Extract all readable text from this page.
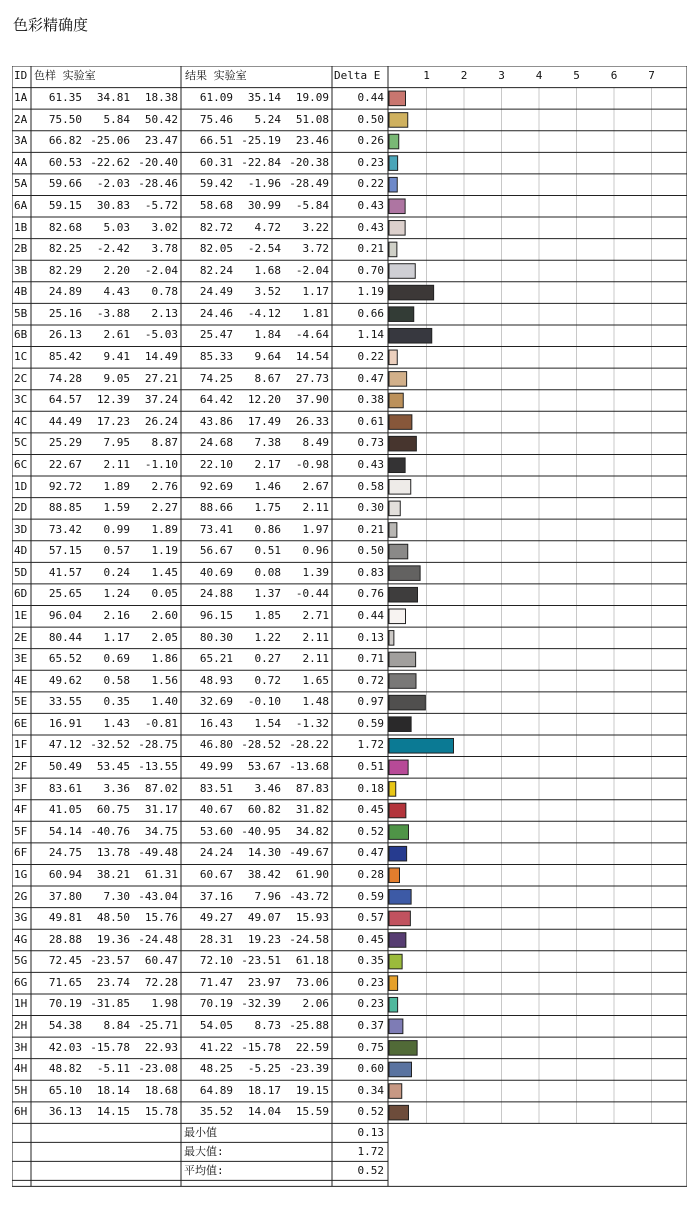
色彩精确度
ID 色样 实验室	结果 实验室	Delta E
1A	61.35	34.81	18.38	61.09	35.14	19.09	0.44
2A	75.50	5.84	50.42	75.46	5.24	51.08	0.50
3A	66.82 -25.06	23.47	66.51 -25.19	23.46	0.26
4A	60.53 -22.62 -20.40	60.31 -22.84 -20.38	0.23
5A	59.66	-2.03 -28.46	59.42	-1.96 -28.49	0.22
6A	59.15	30.83	-5.72	58.68	30.99	-5.84	0.43
1B	82.68	5.03	3.02	82.72	4.72	3.22	0.43
2B	82.25	-2.42	3.78	82.05	-2.54	3.72	0.21
3B	82.29	2.20	-2.04	82.24	1.68	-2.04	0.70
4B	24.89	4.43	0.78	24.49	3.52	1.17	1.19
5B	25.16	-3.88	2.13	24.46	-4.12	1.81	0.66
6B	26.13	2.61	-5.03	25.47	1.84	-4.64	1.14
1C	85.42	9.41	14.49	85.33	9.64	14.54	0.22
2C	74.28	9.05	27.21	74.25	8.67	27.73	0.47
3C	64.57	12.39	37.24	64.42	12.20	37.90	0.38
4C	44.49	17.23	26.24	43.86	17.49	26.33	0.61
5C	25.29	7.95	8.87	24.68	7.38	8.49	0.73
6C	22.67	2.11	-1.10	22.10	2.17	-0.98	0.43
1D	92.72	1.89	2.76	92.69	1.46	2.67	0.58
2D	88.85	1.59	2.27	88.66	1.75	2.11	0.30
3D	73.42	0.99	1.89	73.41	0.86	1.97	0.21
4D	57.15	0.57	1.19	56.67	0.51	0.96	0.50
5D	41.57	0.24	1.45	40.69	0.08	1.39	0.83
6D	25.65	1.24	0.05	24.88	1.37	-0.44	0.76
1E	96.04	2.16	2.60	96.15	1.85	2.71	0.44
2E	80.44	1.17	2.05	80.30	1.22	2.11	0.13
3E	65.52	0.69	1.86	65.21	0.27	2.11	0.71
4E	49.62	0.58	1.56	48.93	0.72	1.65	0.72
5E	33.55	0.35	1.40	32.69	-0.10	1.48	0.97
6E	16.91	1.43	-0.81	16.43	1.54	-1.32	0.59
1F	47.12 -32.52 -28.75	46.80 -28.52 -28.22	1.72
2F	50.49	53.45 -13.55	49.99	53.67 -13.68	0.51
3F	83.61	3.36	87.02	83.51	3.46	87.83	0.18
4F	41.05	60.75	31.17	40.67	60.82	31.82	0.45
5F	54.14 -40.76	34.75	53.60 -40.95	34.82	0.52
6F	24.75	13.78 -49.48	24.24	14.30 -49.67	0.47
1G	60.94	38.21	61.31	60.67	38.42	61.90	0.28
2G	37.80	7.30 -43.04	37.16	7.96 -43.72	0.59
3G	49.81	48.50	15.76	49.27	49.07	15.93	0.57
4G	28.88	19.36 -24.48	28.31	19.23 -24.58	0.45
5G	72.45 -23.57	60.47	72.10 -23.51	61.18	0.35
6G	71.65	23.74	72.28	71.47	23.97	73.06	0.23
1H	70.19 -31.85	1.98	70.19 -32.39	2.06	0.23
2H	54.38	8.84 -25.71	54.05	8.73 -25.88	0.37
3H	42.03 -15.78	22.93	41.22 -15.78	22.59	0.75
4H	48.82	-5.11 -23.08	48.25	-5.25 -23.39	0.60
5H	65.10	18.14	18.68	64.89	18.17	19.15	0.34
6H	36.13	14.15	15.78	35.52	14.04	15.59	0.52
1	2	3	4	5	6	7
最小值	0.13
最大值:	1.72
平均值:	0.52
